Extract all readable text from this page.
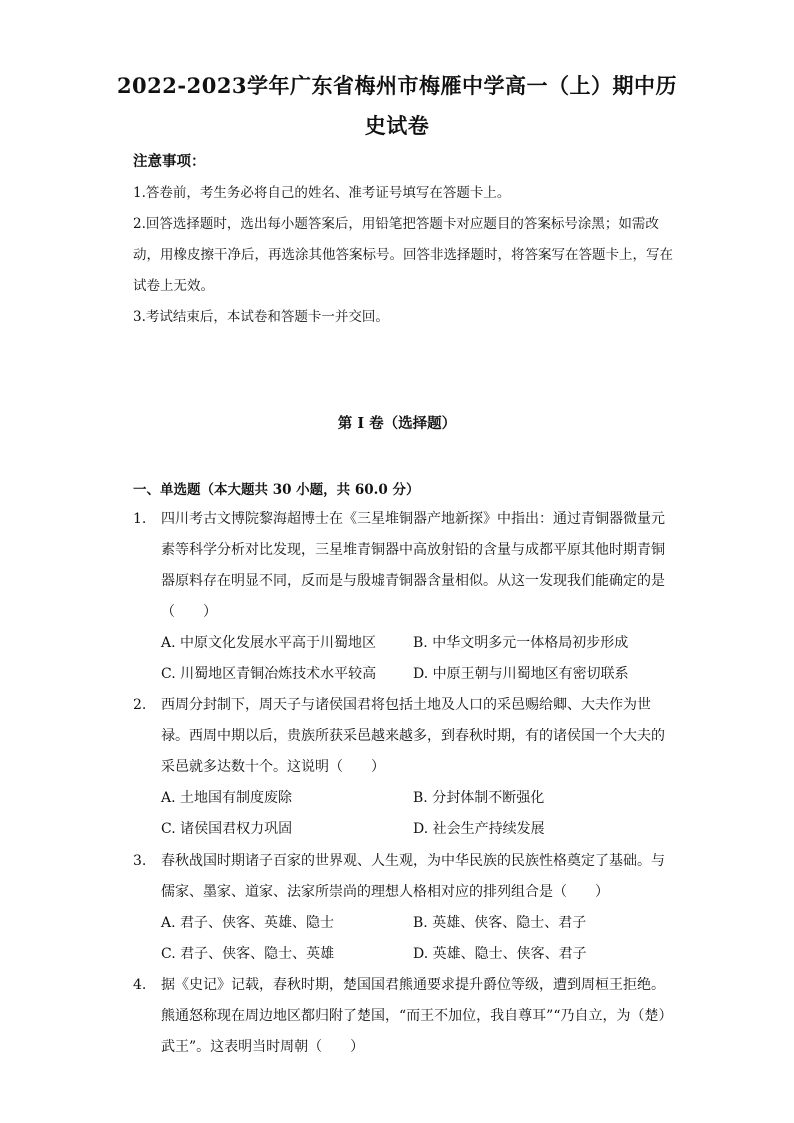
2022-2023学年广东省梅州市梅雁中学高一（上）期中历
史试卷
注意事项：

1.答卷前，考生务必将自己的姓名、准考证号填写在答题卡上。

2.回答选择题时，选出每小题答案后，用铅笔把答题卡对应题目的答案标号涂黑；如需改动，用橡皮擦干净后，再选涂其他答案标号。回答非选择题时，将答案写在答题卡上，写在试卷上无效。

3.考试结束后，本试卷和答题卡一并交回。

第 I 卷（选择题）
一、单选题（本大题共 30 小题，共 60.0 分）
1.	四川考古文博院黎海超博士在《三星堆铜器产地新探》中指出：通过青铜器微量元素等科学分析对比发现，三星堆青铜器中高放射铅的含量与成都平原其他时期青铜器原料存在明显不同，反而是与殷墟青铜器含量相似。从这一发现我们能确定的是（　　）
A. 中原文化发展水平高于川蜀地区	B. 中华文明多元一体格局初步形成
C. 川蜀地区青铜冶炼技术水平较高	D. 中原王朝与川蜀地区有密切联系
2.	西周分封制下，周天子与诸侯国君将包括土地及人口的采邑赐给卿、大夫作为世禄。西周中期以后，贵族所获采邑越来越多，到春秋时期，有的诸侯国一个大夫的采邑就多达数十个。这说明（　　）
A. 土地国有制度废除	B. 分封体制不断强化
C. 诸侯国君权力巩固	D. 社会生产持续发展
3.	春秋战国时期诸子百家的世界观、人生观，为中华民族的民族性格奠定了基础。与儒家、墨家、道家、法家所崇尚的理想人格相对应的排列组合是（　　）
A. 君子、侠客、英雄、隐士	B. 英雄、侠客、隐士、君子
C. 君子、侠客、隐士、英雄	D. 英雄、隐士、侠客、君子
4.	据《史记》记载，春秋时期，楚国国君熊通要求提升爵位等级，遭到周桓王拒绝。熊通怒称现在周边地区都归附了楚国，“而王不加位，我自尊耳”“乃自立，为（楚）武王”。这表明当时周朝（　　）
